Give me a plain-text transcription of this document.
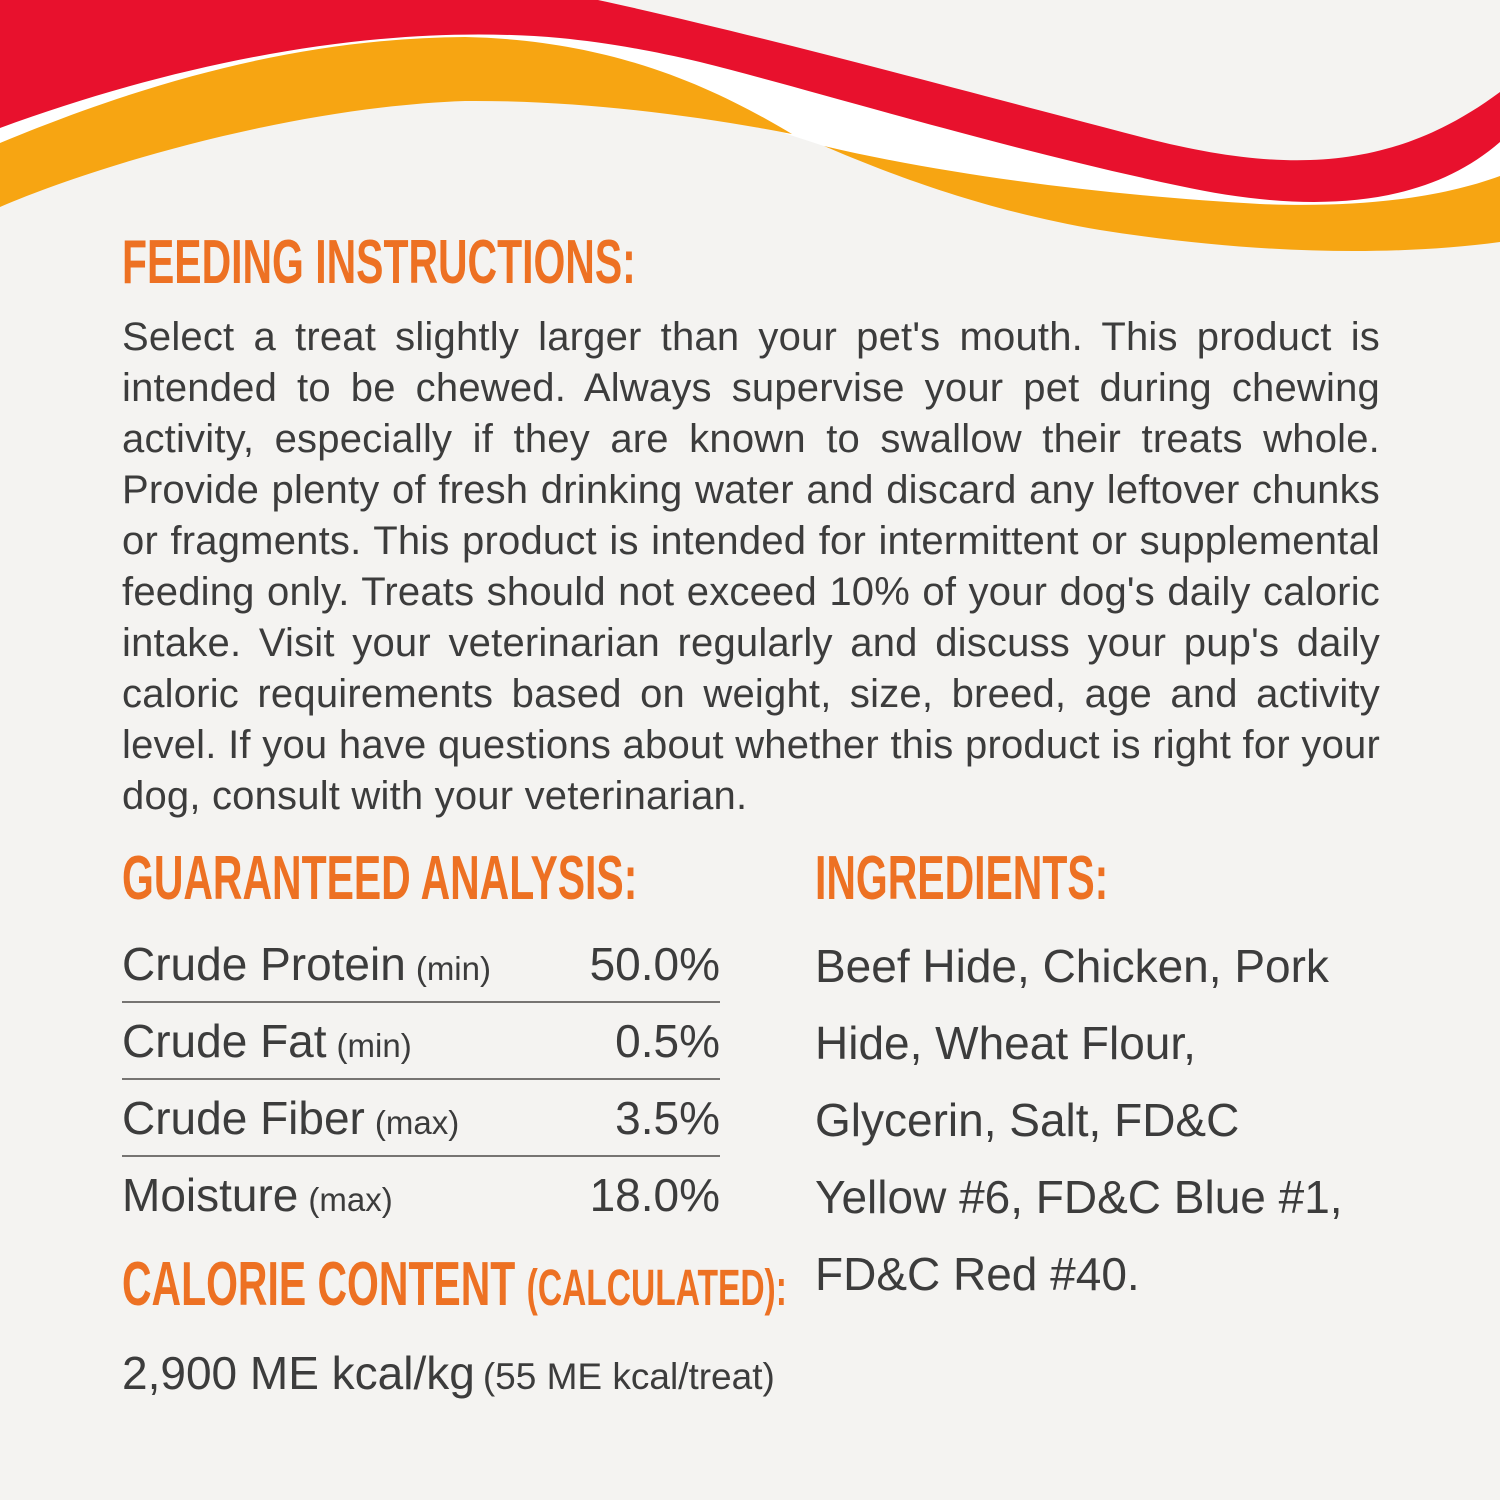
FEEDING INSTRUCTIONS:

Select a treat slightly larger than your pet's mouth. This product is intended to be chewed. Always supervise your pet during chewing activity, especially if they are known to swallow their treats whole. Provide plenty of fresh drinking water and discard any leftover chunks or fragments. This product is intended for intermittent or supplemental feeding only. Treats should not exceed 10% of your dog's daily caloric intake. Visit your veterinarian regularly and discuss your pup's daily caloric requirements based on weight, size, breed, age and activity level. If you have questions about whether this product is right for your dog, consult with your veterinarian.

GUARANTEED ANALYSIS:
Crude Protein (min) 50.0%
Crude Fat (min)	0.5%
Crude Fiber (max)	3.5%
Moisture (max)	18.0%
CALORIE CONTENT (CALCULATED):
2,900 ME kcal/kg (55 ME kcal/treat)
INGREDIENTS:

Beef Hide, Chicken, Pork Hide, Wheat Flour, Glycerin, Salt, FD&C Yellow #6, FD&C Blue #1, FD&C Red #40.
